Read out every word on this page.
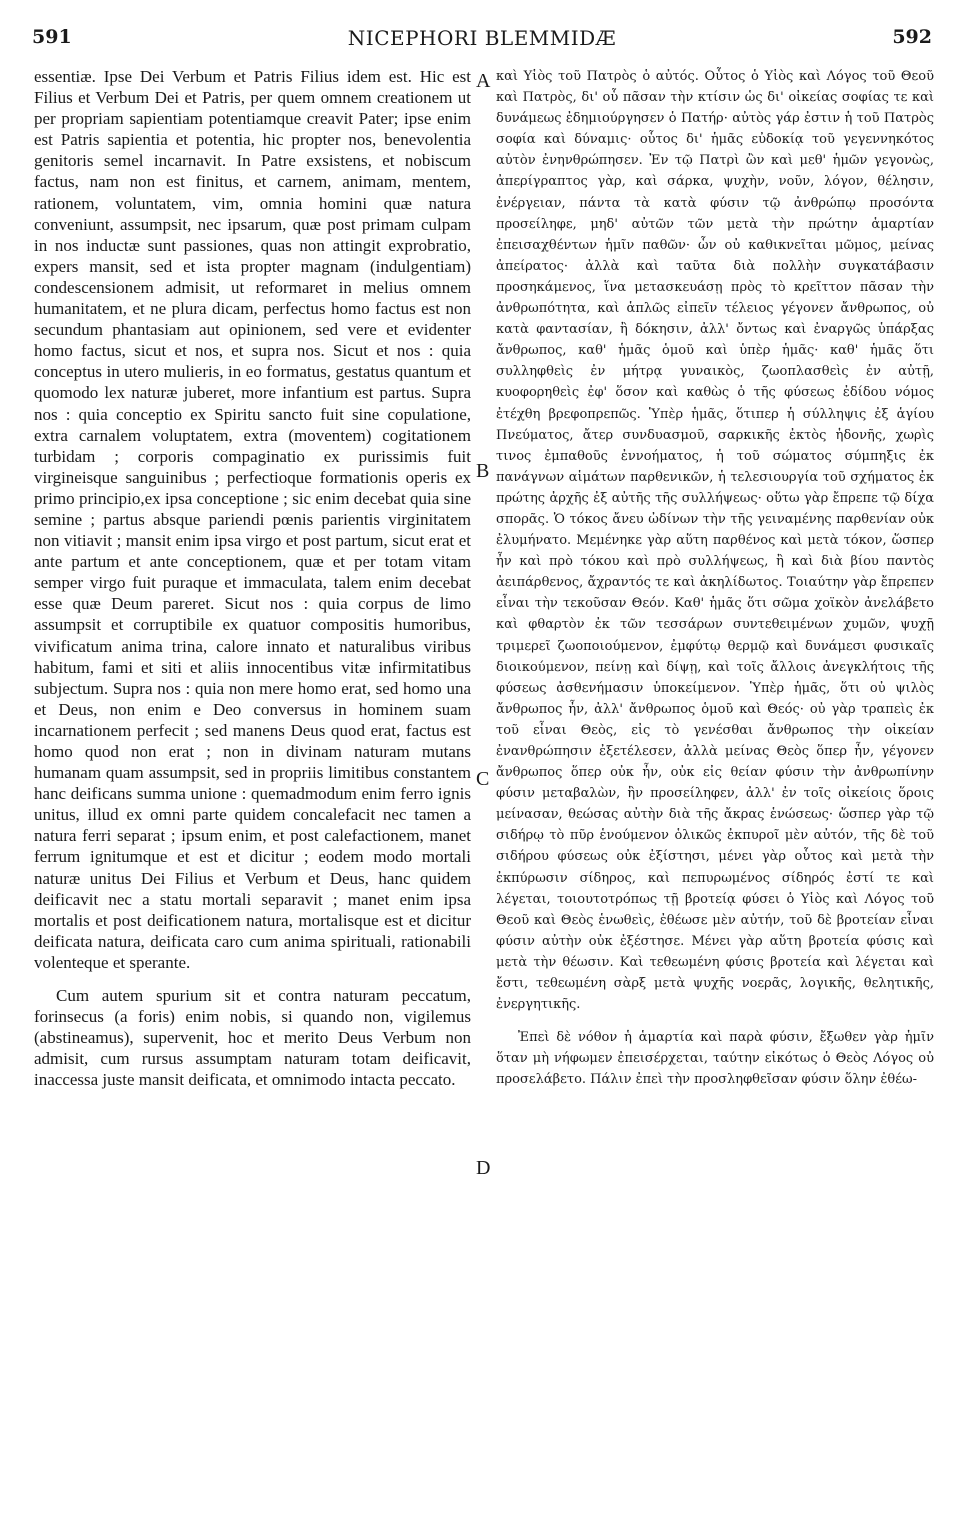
591	NICEPHORI BLEMMIDÆ	592

essentiæ. Ipse Dei Verbum et Patris Filius idem est. Hic est Filius et Verbum Dei et Patris, per quem omnem creationem ut per propriam sapientiam potentiamque creavit Pater; ipse enim est Patris sapientia et potentia, hic propter nos, benevolentia genitoris semel incarnavit. In Patre exsistens, et nobiscum factus, nam non est finitus, et carnem, animam, mentem, rationem, voluntatem, vim, omnia homini quæ natura conveniunt, assumpsit, nec ipsarum, quæ post primam culpam in nos inductæ sunt passiones, quas non attingit exprobratio, expers mansit, sed et ista propter magnam (indulgentiam) condescensionem admisit, ut reformaret in melius omnem humanitatem, et ne plura dicam, perfectus homo factus est non secundum phantasiam aut opinionem, sed vere et evidenter homo factus, sicut et nos, et supra nos. Sicut et nos : quia conceptus in utero mulieris, in eo formatus, gestatus quantum et quomodo lex naturæ juberet, more infantium est partus. Supra nos : quia conceptio ex Spiritu sancto fuit sine copulatione, extra carnalem voluptatem, extra (moventem) cogitationem turbidam ; corporis compaginatio ex purissimis fuit virgineisque sanguinibus ; perfectioque formationis operis ex primo principio,ex ipsa conceptione ; sic enim decebat quia sine semine ; partus absque pariendi pœnis parientis virginitatem non vitiavit ; mansit enim ipsa virgo et post partum, sicut erat et ante partum et ante conceptionem, quæ et per totam vitam semper virgo fuit puraque et immaculata, talem enim decebat esse quæ Deum pareret. Sicut nos : quia corpus de limo assumpsit et corruptibile ex quatuor compositis humoribus, vivificatum anima trina, calore innato et naturalibus viribus habitum, fami et siti et aliis innocentibus vitæ infirmitatibus subjectum. Supra nos : quia non mere homo erat, sed homo una et Deus, non enim e Deo conversus in hominem suam incarnationem perfecit ; sed manens Deus quod erat, factus est homo quod non erat ; non in divinam naturam mutans humanam quam assumpsit, sed in propriis limitibus constantem hanc deificans summa unione : quemadmodum enim ferro ignis unitus, illud ex omni parte quidem concalefacit nec tamen a natura ferri separat ; ipsum enim, et post calefactionem, manet ferrum ignitumque et est et dicitur ; eodem modo mortali naturæ unitus Dei Filius et Verbum et Deus, hanc quidem deificavit nec a statu mortali separavit ; manet enim ipsa mortalis et post deificationem natura, mortalisque est et dicitur deificata natura, deificata caro cum anima spirituali, rationabili volenteque et sperante.

Cum autem spurium sit et contra naturam peccatum, forinsecus (a foris) enim nobis, si quando non, vigilemus (abstineamus), supervenit, hoc et merito Deus Verbum non admisit, cum rursus assumptam naturam totam deificavit, inaccessa juste mansit deificata, et omnimodo intacta peccato.

A
B
C
D

καὶ Υἱὸς τοῦ Πατρὸς ὁ αὐτός. Οὗτος ὁ Υἱὸς καὶ Λόγος τοῦ Θεοῦ καὶ Πατρὸς, δι' οὗ πᾶσαν τὴν κτίσιν ὡς δι' οἰκείας σοφίας τε καὶ δυνάμεως ἐδημιούργησεν ὁ Πατήρ· αὐτὸς γάρ ἐστιν ἡ τοῦ Πατρὸς σοφία καὶ δύναμις· οὗτος δι' ἡμᾶς εὐδοκίᾳ τοῦ γεγεννηκότος αὐτὸν ἐνηνθρώπησεν. Ἐν τῷ Πατρὶ ὢν καὶ μεθ' ἡμῶν γεγονὼς, ἀπερίγραπτος γὰρ, καὶ σάρκα, ψυχὴν, νοῦν, λόγον, θέλησιν, ἐνέργειαν, πάντα τὰ κατὰ φύσιν τῷ ἀνθρώπῳ προσόντα προσείληφε, μηδ' αὐτῶν τῶν μετὰ τὴν πρώτην ἁμαρτίαν ἐπεισαχθέντων ἡμῖν παθῶν· ὧν οὐ καθικνεῖται μῶμος, μείνας ἀπείρατος· ἀλλὰ καὶ ταῦτα διὰ πολλὴν συγκατάβασιν προσηκάμενος, ἵνα μετασκευάσῃ πρὸς τὸ κρεῖττον πᾶσαν τὴν ἀνθρωπότητα, καὶ ἁπλῶς εἰπεῖν τέλειος γέγονεν ἄνθρωπος, οὐ κατὰ φαντασίαν, ἢ δόκησιν, ἀλλ' ὄντως καὶ ἐναργῶς ὑπάρξας ἄνθρωπος, καθ' ἡμᾶς ὁμοῦ καὶ ὑπὲρ ἡμᾶς· καθ' ἡμᾶς ὅτι συλληφθεὶς ἐν μήτρᾳ γυναικὸς, ζωοπλασθεὶς ἐν αὐτῇ, κυοφορηθεὶς ἐφ' ὅσον καὶ καθὼς ὁ τῆς φύσεως ἐδίδου νόμος ἐτέχθη βρεφοπρεπῶς. Ὑπὲρ ἡμᾶς, ὅτιπερ ἡ σύλληψις ἐξ ἁγίου Πνεύματος, ἄτερ συνδυασμοῦ, σαρκικῆς ἐκτὸς ἡδονῆς, χωρὶς τινος ἐμπαθοῦς ἐννοήματος, ἡ τοῦ σώματος σύμπηξις ἐκ πανάγνων αἱμάτων παρθενικῶν, ἡ τελεσιουργία τοῦ σχήματος ἐκ πρώτης ἀρχῆς ἐξ αὐτῆς τῆς συλλήψεως· οὕτω γὰρ ἔπρεπε τῷ δίχα σπορᾶς. Ὁ τόκος ἄνευ ὠδίνων τὴν τῆς γειναμένης παρθενίαν οὐκ ἐλυμήνατο. Μεμένηκε γὰρ αὕτη παρθένος καὶ μετὰ τόκον, ὥσπερ ἦν καὶ πρὸ τόκου καὶ πρὸ συλλήψεως, ἢ καὶ διὰ βίου παντὸς ἀειπάρθενος, ἄχραντός τε καὶ ἀκηλίδωτος. Τοιαύτην γὰρ ἔπρεπεν εἶναι τὴν τεκοῦσαν Θεόν. Καθ' ἡμᾶς ὅτι σῶμα χοϊκὸν ἀνελάβετο καὶ φθαρτὸν ἐκ τῶν τεσσάρων συντεθειμένων χυμῶν, ψυχῇ τριμερεῖ ζωοποιούμενον, ἐμφύτῳ θερμῷ καὶ δυνάμεσι φυσικαῖς διοικούμενον, πείνῃ καὶ δίψῃ, καὶ τοῖς ἄλλοις ἀνεγκλήτοις τῆς φύσεως ἀσθενήμασιν ὑποκείμενον. Ὑπὲρ ἡμᾶς, ὅτι οὐ ψιλὸς ἄνθρωπος ἦν, ἀλλ' ἄνθρωπος ὁμοῦ καὶ Θεός· οὐ γὰρ τραπεὶς ἐκ τοῦ εἶναι Θεὸς, εἰς τὸ γενέσθαι ἄνθρωπος τὴν οἰκείαν ἐνανθρώπησιν ἐξετέλεσεν, ἀλλὰ μείνας Θεὸς ὅπερ ἦν, γέγονεν ἄνθρωπος ὅπερ οὐκ ἦν, οὐκ εἰς θείαν φύσιν τὴν ἀνθρωπίνην φύσιν μεταβαλὼν, ἣν προσείληφεν, ἀλλ' ἐν τοῖς οἰκείοις ὅροις μείνασαν, θεώσας αὐτὴν διὰ τῆς ἄκρας ἑνώσεως· ὥσπερ γὰρ τῷ σιδήρῳ τὸ πῦρ ἑνούμενον ὁλικῶς ἐκπυροῖ μὲν αὐτόν, τῆς δὲ τοῦ σιδήρου φύσεως οὐκ ἐξίστησι, μένει γὰρ οὗτος καὶ μετὰ τὴν ἐκπύρωσιν σίδηρος, καὶ πεπυρωμένος σίδηρός ἐστί τε καὶ λέγεται, τοιουτοτρόπως τῇ βροτείᾳ φύσει ὁ Υἱὸς καὶ Λόγος τοῦ Θεοῦ καὶ Θεὸς ἑνωθεὶς, ἐθέωσε μὲν αὐτήν, τοῦ δὲ βροτείαν εἶναι φύσιν αὐτὴν οὐκ ἐξέστησε. Μένει γὰρ αὕτη βροτεία φύσις καὶ μετὰ τὴν θέωσιν. Καὶ τεθεωμένη φύσις βροτεία καὶ λέγεται καὶ ἔστι, τεθεωμένη σὰρξ μετὰ ψυχῆς νοερᾶς, λογικῆς, θελητικῆς, ἐνεργητικῆς.

Ἐπεὶ δὲ νόθον ἡ ἁμαρτία καὶ παρὰ φύσιν, ἔξωθεν γὰρ ἡμῖν ὅταν μὴ νήφωμεν ἐπεισέρχεται, ταύτην εἰκότως ὁ Θεὸς Λόγος οὐ προσελάβετο. Πάλιν ἐπεὶ τὴν προσληφθεῖσαν φύσιν ὅλην ἐθέω-
